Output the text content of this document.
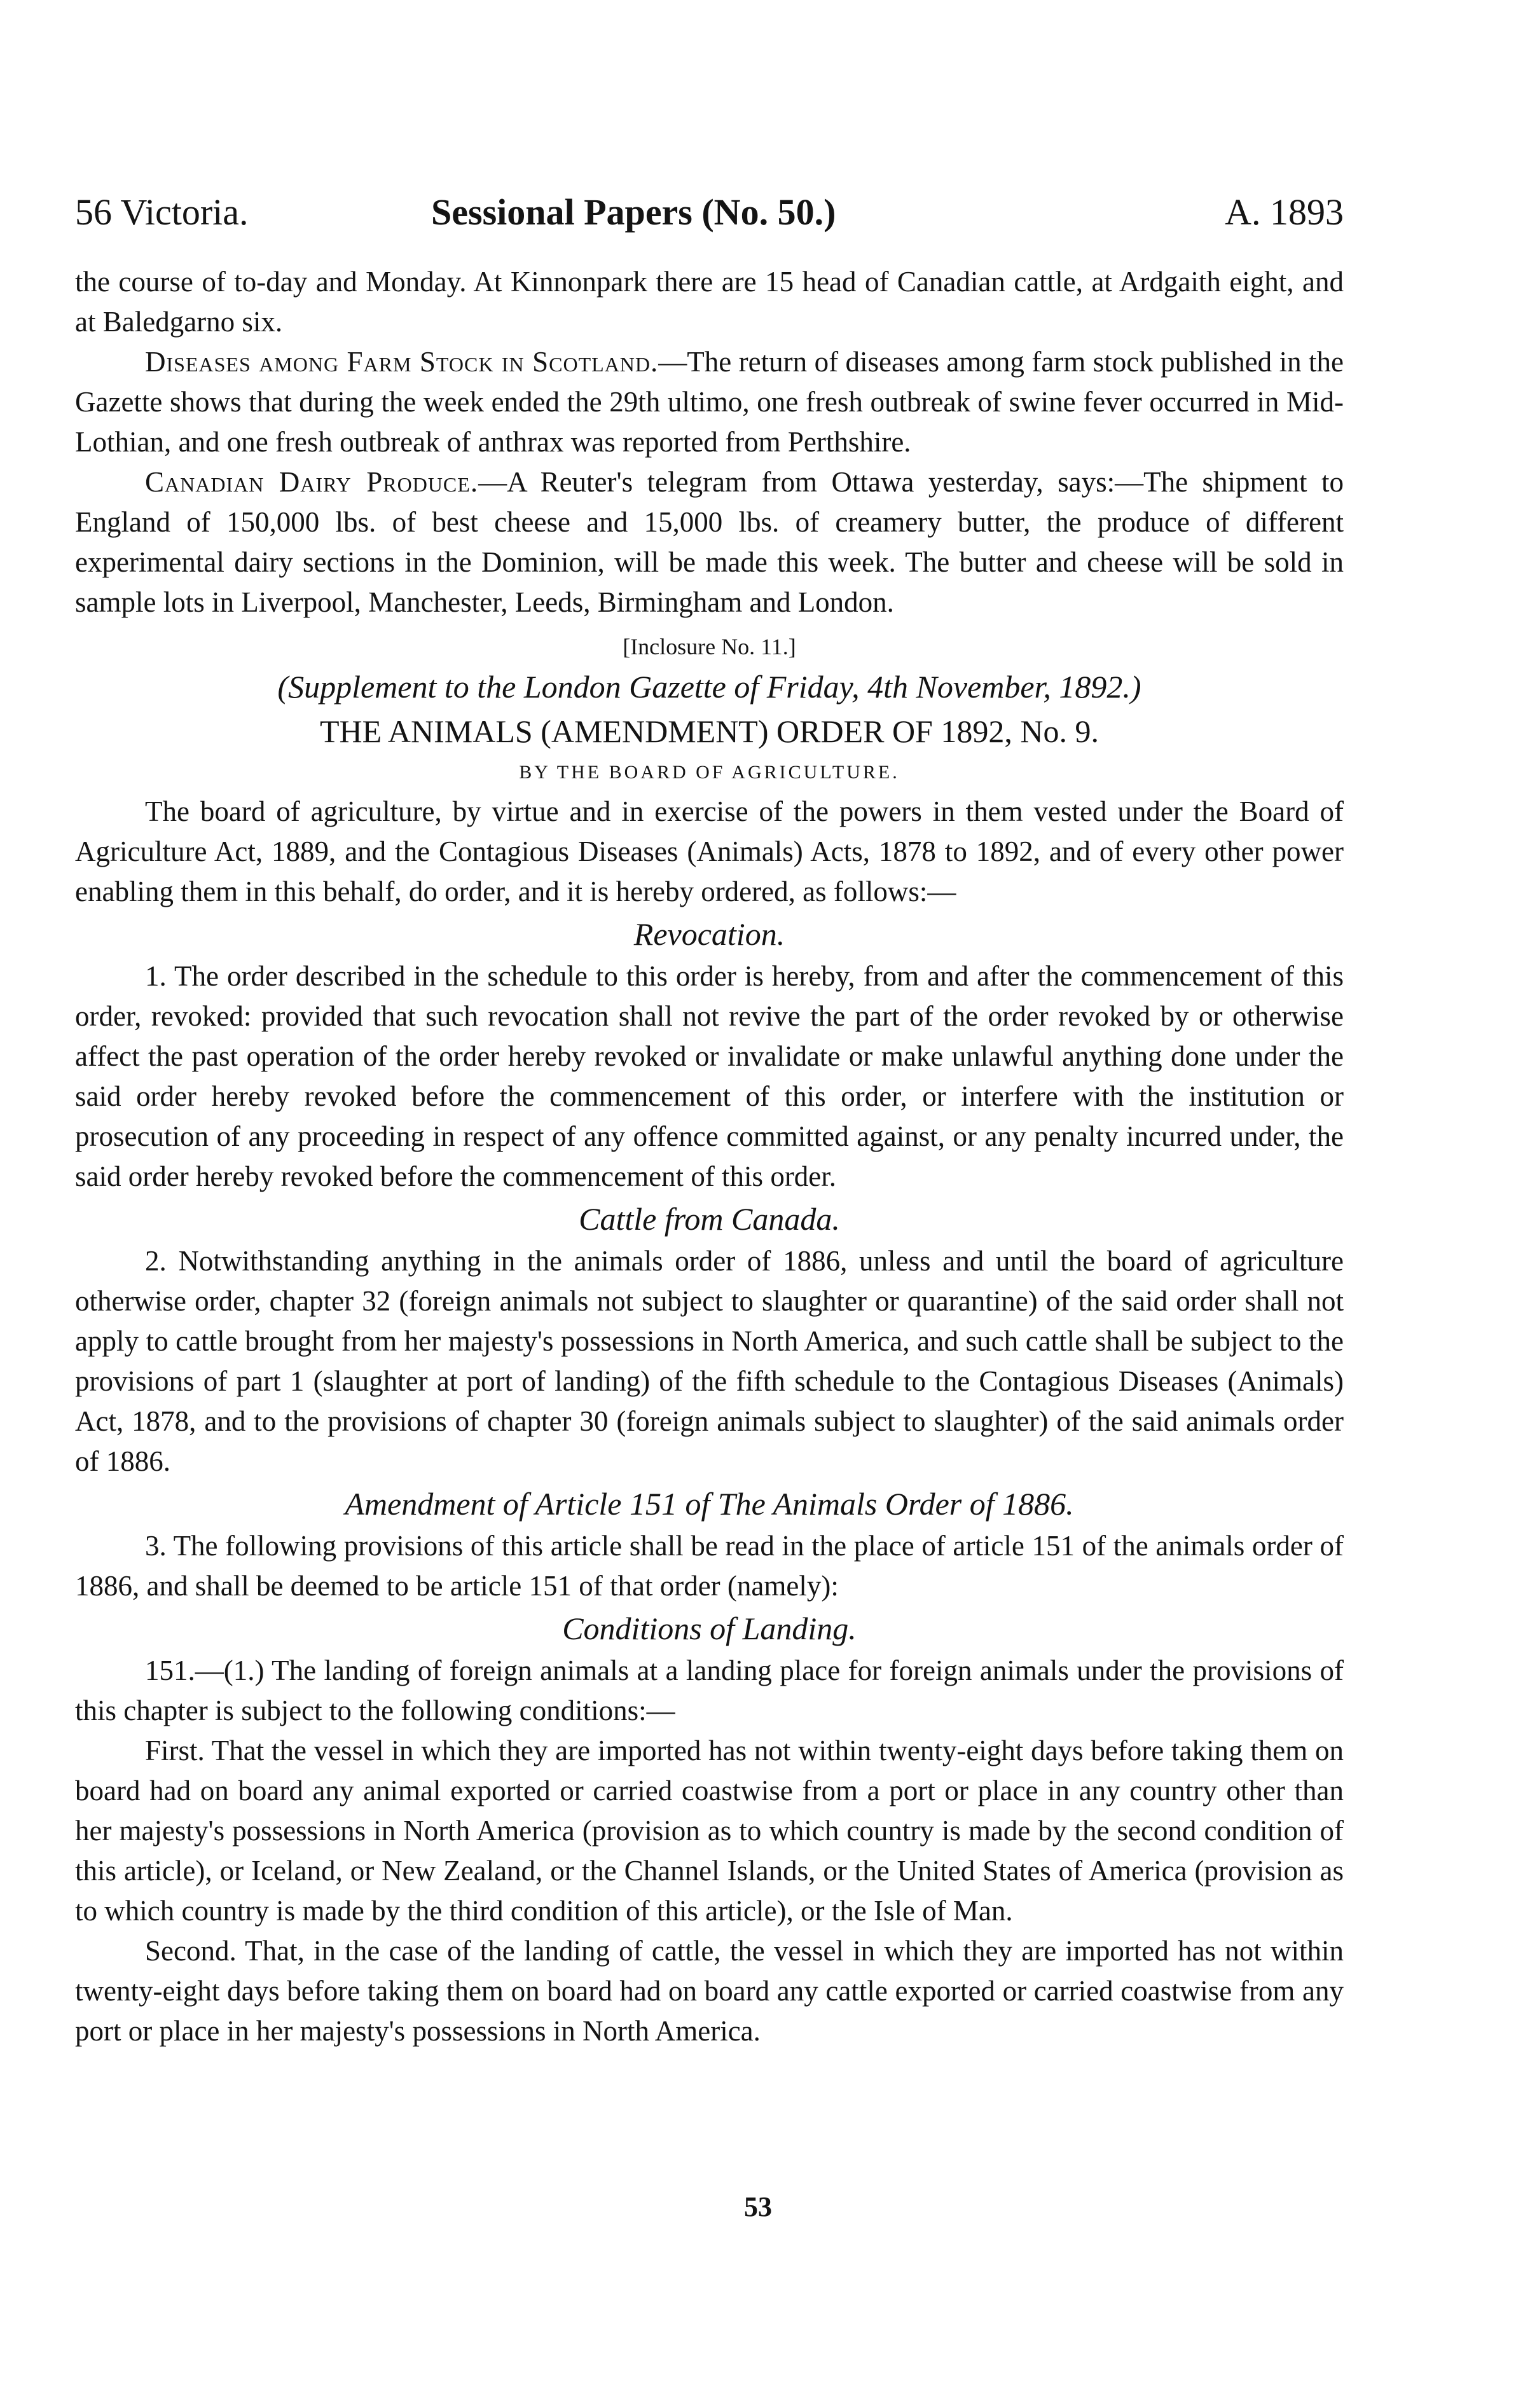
56 Victoria.	Sessional Papers (No. 50.)	A. 1893

the course of to-day and Monday. At Kinnonpark there are 15 head of Canadian cattle, at Ardgaith eight, and at Baledgarno six.

Diseases among Farm Stock in Scotland.—The return of diseases among farm stock published in the Gazette shows that during the week ended the 29th ultimo, one fresh outbreak of swine fever occurred in Mid-Lothian, and one fresh outbreak of anthrax was reported from Perthshire.

Canadian Dairy Produce.—A Reuter's telegram from Ottawa yesterday, says:—The shipment to England of 150,000 lbs. of best cheese and 15,000 lbs. of creamery butter, the produce of different experimental dairy sections in the Dominion, will be made this week. The butter and cheese will be sold in sample lots in Liverpool, Manchester, Leeds, Birmingham and London.

[Inclosure No. 11.]

(Supplement to the London Gazette of Friday, 4th November, 1892.)

THE ANIMALS (AMENDMENT) ORDER OF 1892, No. 9.

BY THE BOARD OF AGRICULTURE.

The board of agriculture, by virtue and in exercise of the powers in them vested under the Board of Agriculture Act, 1889, and the Contagious Diseases (Animals) Acts, 1878 to 1892, and of every other power enabling them in this behalf, do order, and it is hereby ordered, as follows:—

Revocation.

1. The order described in the schedule to this order is hereby, from and after the commencement of this order, revoked: provided that such revocation shall not revive the part of the order revoked by or otherwise affect the past operation of the order hereby revoked or invalidate or make unlawful anything done under the said order hereby revoked before the commencement of this order, or interfere with the institution or prosecution of any proceeding in respect of any offence committed against, or any penalty incurred under, the said order hereby revoked before the commencement of this order.

Cattle from Canada.

2. Notwithstanding anything in the animals order of 1886, unless and until the board of agriculture otherwise order, chapter 32 (foreign animals not subject to slaughter or quarantine) of the said order shall not apply to cattle brought from her majesty's possessions in North America, and such cattle shall be subject to the provisions of part 1 (slaughter at port of landing) of the fifth schedule to the Contagious Diseases (Animals) Act, 1878, and to the provisions of chapter 30 (foreign animals subject to slaughter) of the said animals order of 1886.

Amendment of Article 151 of The Animals Order of 1886.

3. The following provisions of this article shall be read in the place of article 151 of the animals order of 1886, and shall be deemed to be article 151 of that order (namely):

Conditions of Landing.

151.—(1.) The landing of foreign animals at a landing place for foreign animals under the provisions of this chapter is subject to the following conditions:—

First. That the vessel in which they are imported has not within twenty-eight days before taking them on board had on board any animal exported or carried coastwise from a port or place in any country other than her majesty's possessions in North America (provision as to which country is made by the second condition of this article), or Iceland, or New Zealand, or the Channel Islands, or the United States of America (provision as to which country is made by the third condition of this article), or the Isle of Man.

Second. That, in the case of the landing of cattle, the vessel in which they are imported has not within twenty-eight days before taking them on board had on board any cattle exported or carried coastwise from any port or place in her majesty's possessions in North America.

53
